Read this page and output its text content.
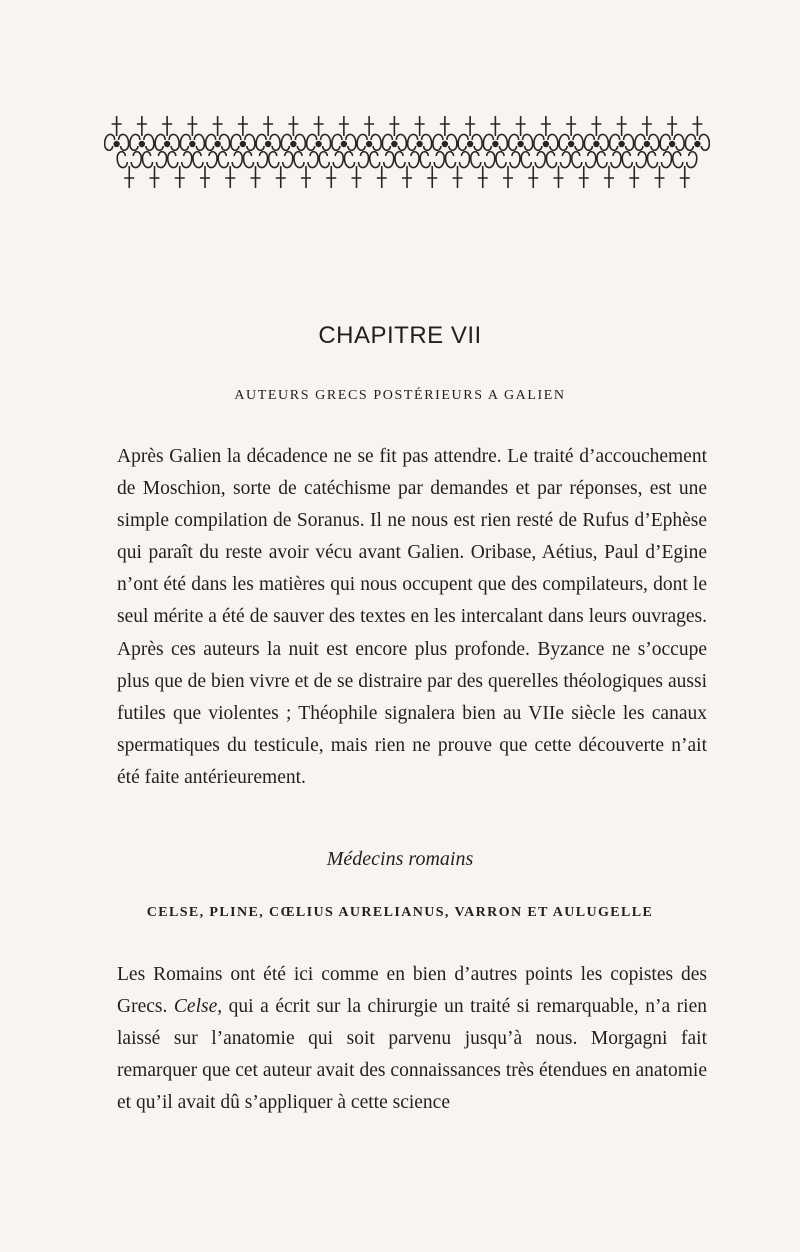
CHAPITRE VII
AUTEURS GRECS POSTÉRIEURS A GALIEN

Après Galien la décadence ne se fit pas attendre. Le traité d’accouchement de Moschion, sorte de catéchisme par demandes et par réponses, est une simple compilation de Soranus. Il ne nous est rien resté de Rufus d’Ephèse qui paraît du reste avoir vécu avant Galien. Oribase, Aétius, Paul d’Egine n’ont été dans les matières qui nous occupent que des compilateurs, dont le seul mérite a été de sauver des textes en les intercalant dans leurs ouvrages. Après ces auteurs la nuit est encore plus profonde. Byzance ne s’occupe plus que de bien vivre et de se distraire par des querelles théologiques aussi futiles que violentes ; Théophile signalera bien au VIIe siècle les canaux spermatiques du testicule, mais rien ne prouve que cette découverte n’ait été faite antérieurement.

Médecins romains
CELSE, PLINE, CŒLIUS AURELIANUS, VARRON ET AULUGELLE

Les Romains ont été ici comme en bien d’autres points les copistes des Grecs. Celse, qui a écrit sur la chirurgie un traité si remarquable, n’a rien laissé sur l’anatomie qui soit parvenu jusqu’à nous. Morgagni fait remarquer que cet auteur avait des connaissances très étendues en anatomie et qu’il avait dû s’appliquer à cette science
